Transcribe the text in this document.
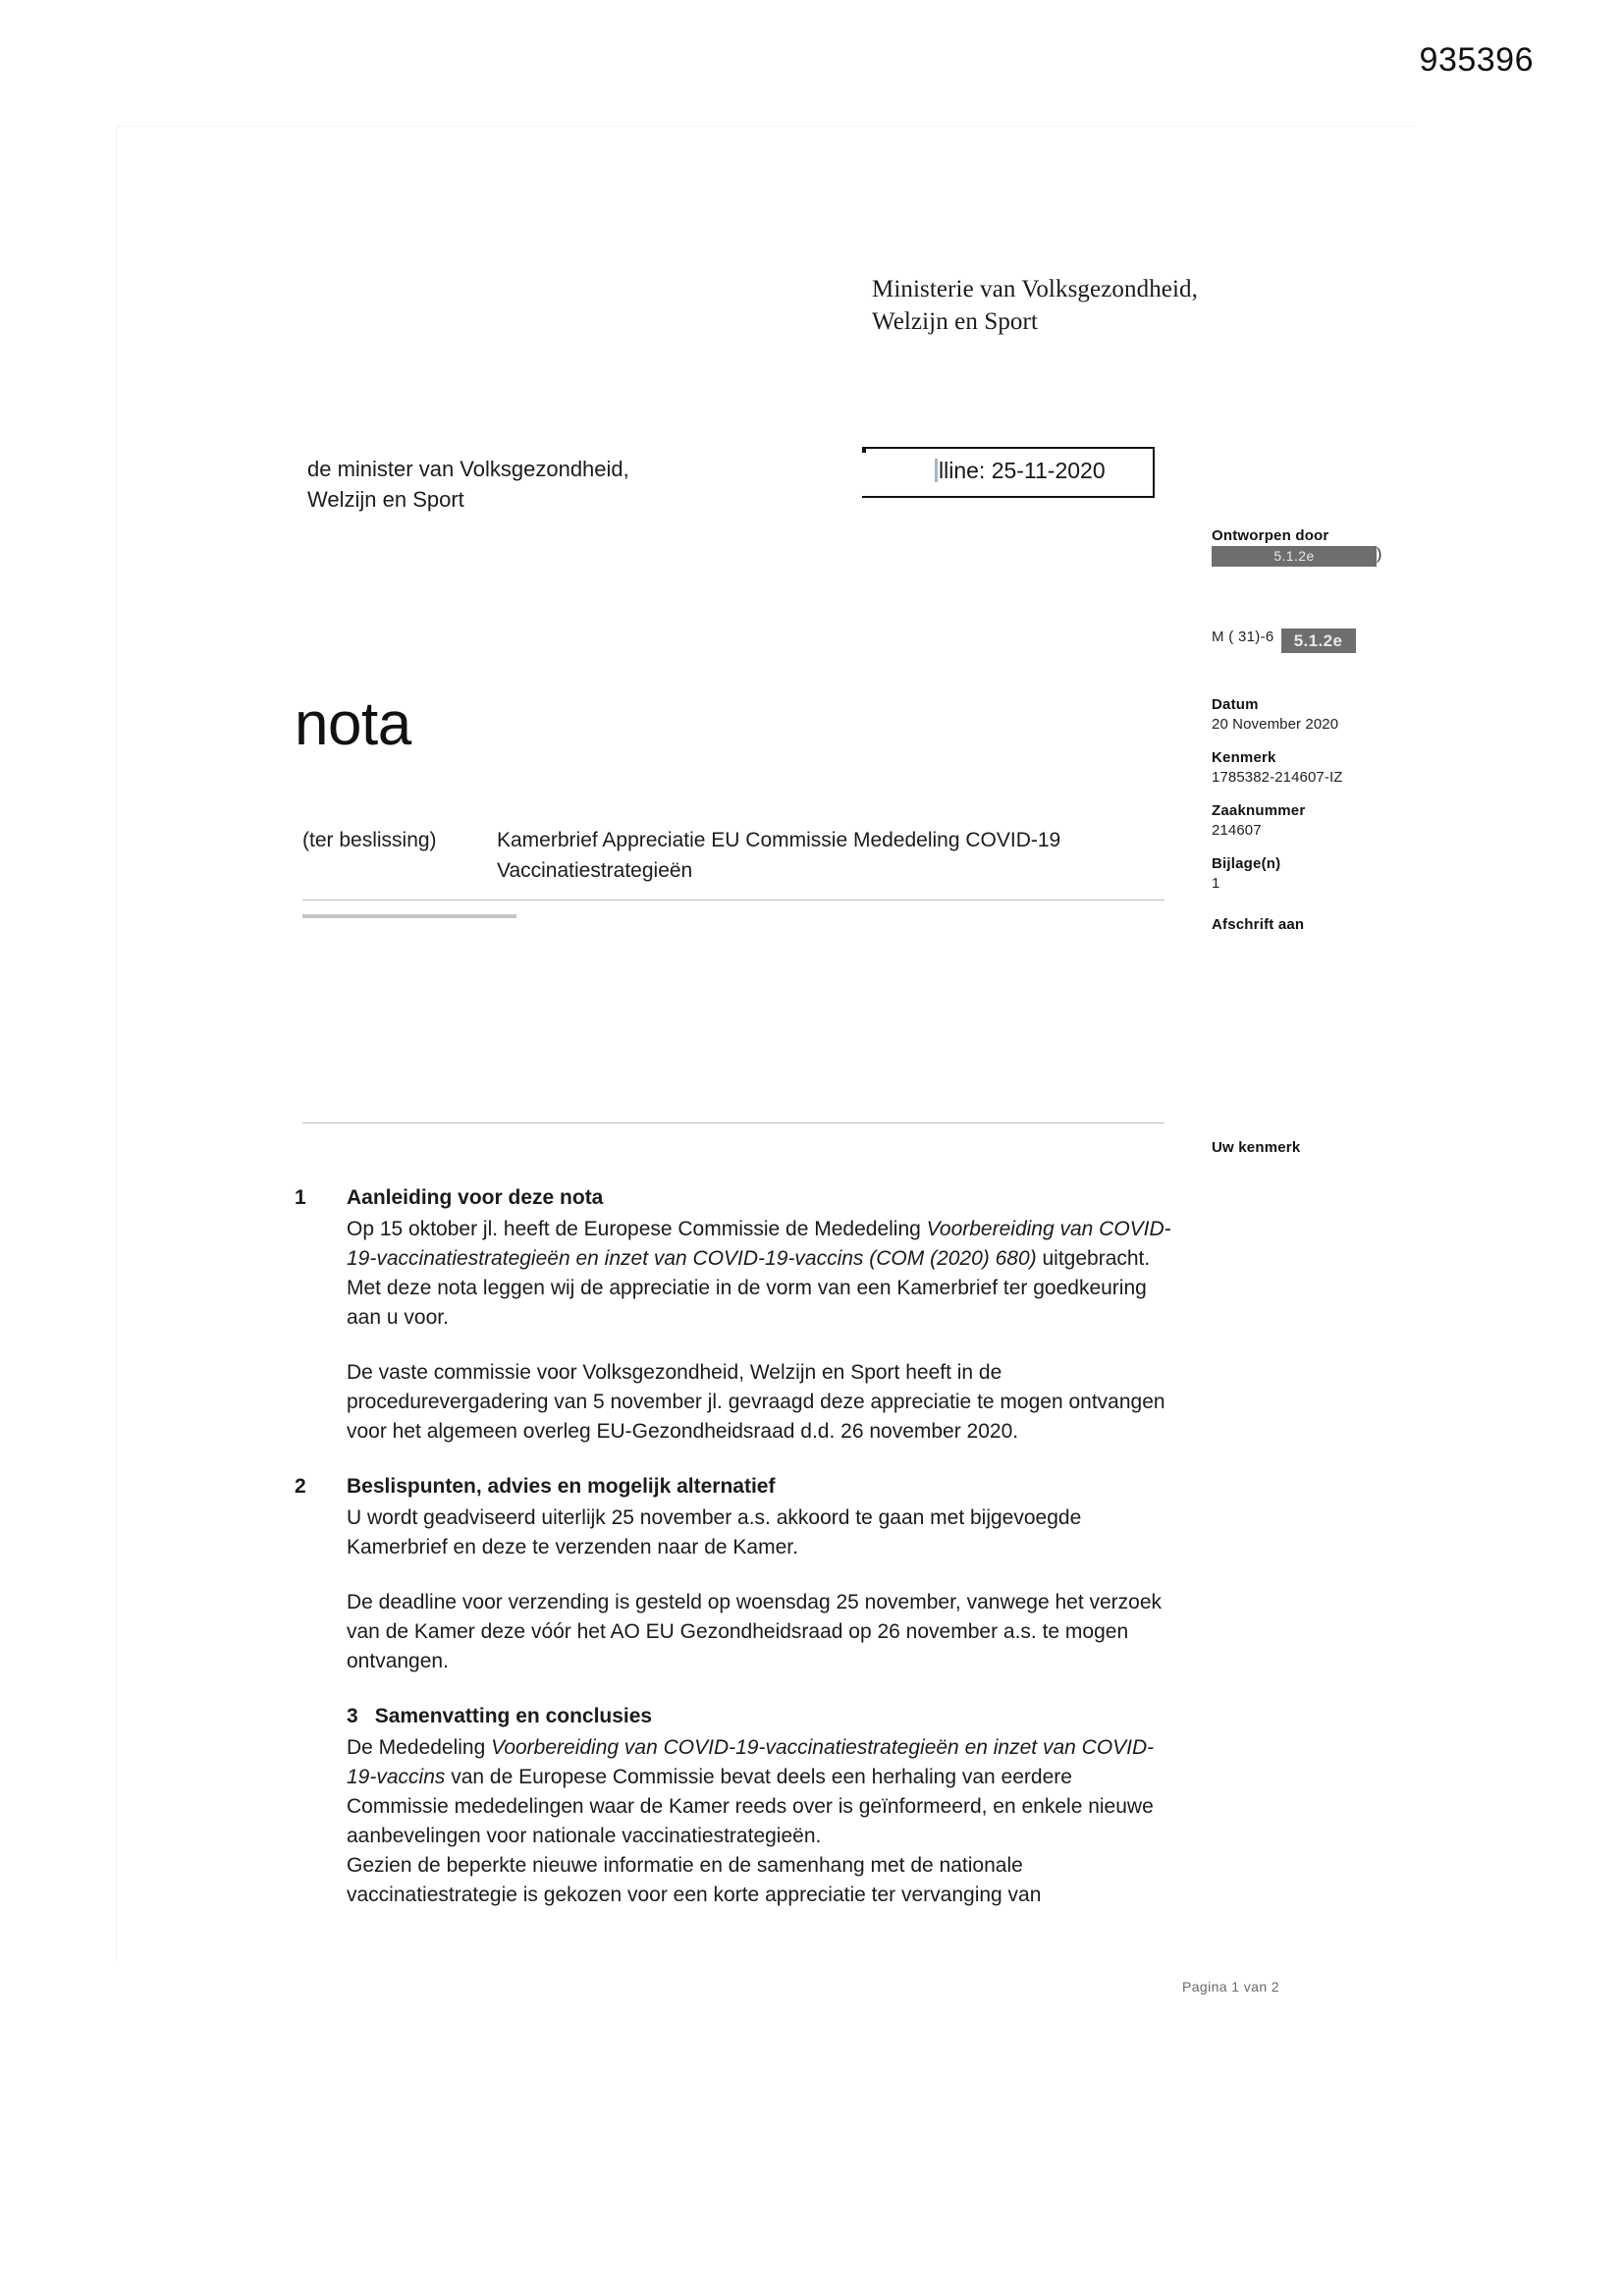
935396
Ministerie van Volksgezondheid,
Welzijn en Sport
de minister van Volksgezondheid,
Welzijn en Sport
lline: 25-11-2020
Ontworpen door
5.1.2e	)
M ( 31)-6 5.1.2e
Datum
20 November 2020
Kenmerk
1785382-214607-IZ
Zaaknummer
214607
Bijlage(n)
1
Afschrift aan
Uw kenmerk
nota
(ter beslissing)	Kamerbrief Appreciatie EU Commissie Mededeling COVID-19
Vaccinatiestrategieën
1	Aanleiding voor deze nota
Op 15 oktober jl. heeft de Europese Commissie de Mededeling Voorbereiding van COVID-19-vaccinatiestrategieën en inzet van COVID-19-vaccins (COM (2020) 680) uitgebracht. Met deze nota leggen wij de appreciatie in de vorm van een Kamerbrief ter goedkeuring aan u voor.
De vaste commissie voor Volksgezondheid, Welzijn en Sport heeft in de procedurevergadering van 5 november jl. gevraagd deze appreciatie te mogen ontvangen voor het algemeen overleg EU-Gezondheidsraad d.d. 26 november 2020.
2	Beslispunten, advies en mogelijk alternatief
U wordt geadviseerd uiterlijk 25 november a.s. akkoord te gaan met bijgevoegde Kamerbrief en deze te verzenden naar de Kamer.
De deadline voor verzending is gesteld op woensdag 25 november, vanwege het verzoek van de Kamer deze vóór het AO EU Gezondheidsraad op 26 november a.s. te mogen ontvangen.
3 Samenvatting en conclusies
De Mededeling Voorbereiding van COVID-19-vaccinatiestrategieën en inzet van COVID-19-vaccins van de Europese Commissie bevat deels een herhaling van eerdere Commissie mededelingen waar de Kamer reeds over is geïnformeerd, en enkele nieuwe aanbevelingen voor nationale vaccinatiestrategieën.
Gezien de beperkte nieuwe informatie en de samenhang met de nationale vaccinatiestrategie is gekozen voor een korte appreciatie ter vervanging van
Pagina 1 van 2
